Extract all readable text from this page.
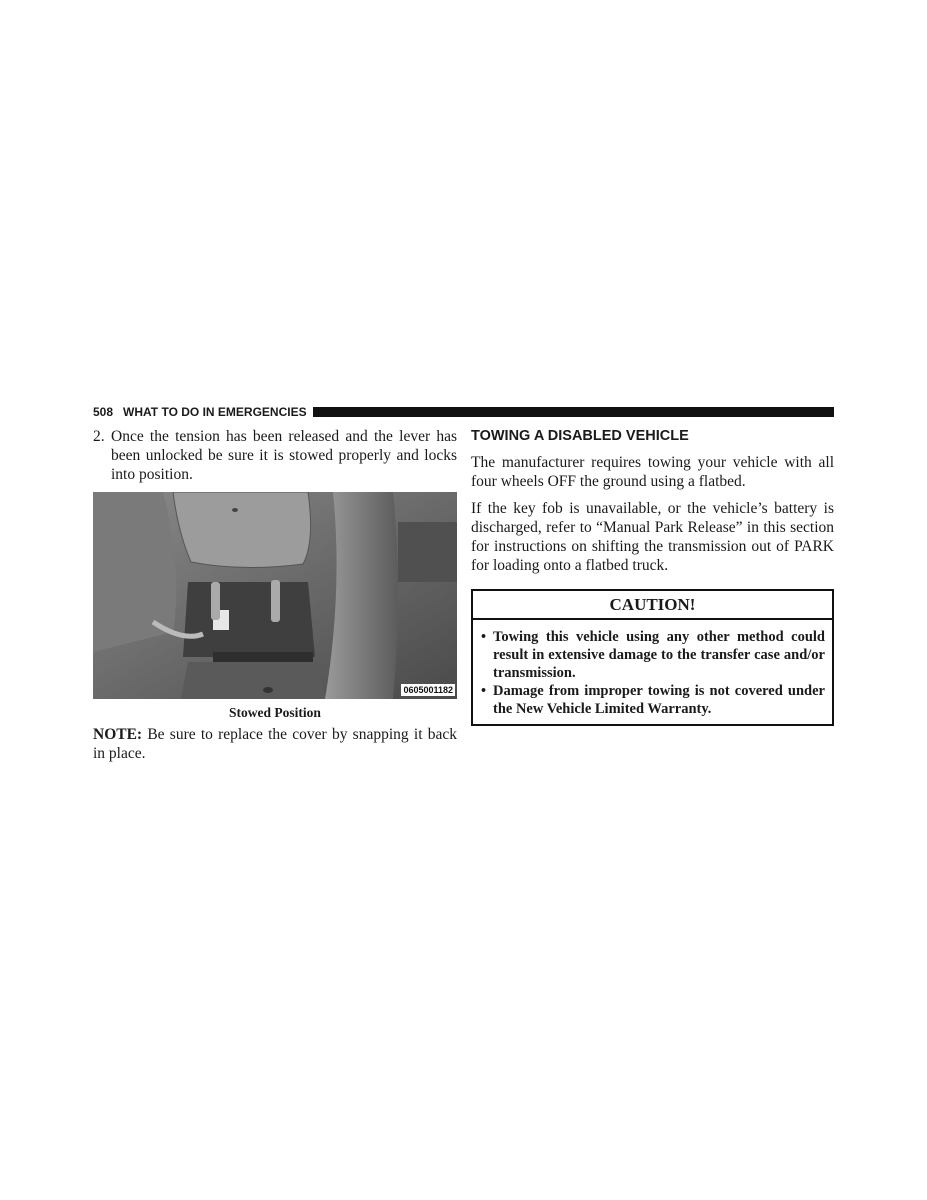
508 WHAT TO DO IN EMERGENCIES

2. Once the tension has been released and the lever has been unlocked be sure it is stowed properly and locks into position.

0605001182
Stowed Position

NOTE: Be sure to replace the cover by snapping it back in place.

TOWING A DISABLED VEHICLE

The manufacturer requires towing your vehicle with all four wheels OFF the ground using a flatbed.

If the key fob is unavailable, or the vehicle’s battery is discharged, refer to “Manual Park Release” in this section for instructions on shifting the transmission out of PARK for loading onto a flatbed truck.

CAUTION!
• Towing this vehicle using any other method could result in extensive damage to the transfer case and/or transmission.
• Damage from improper towing is not covered under the New Vehicle Limited Warranty.
